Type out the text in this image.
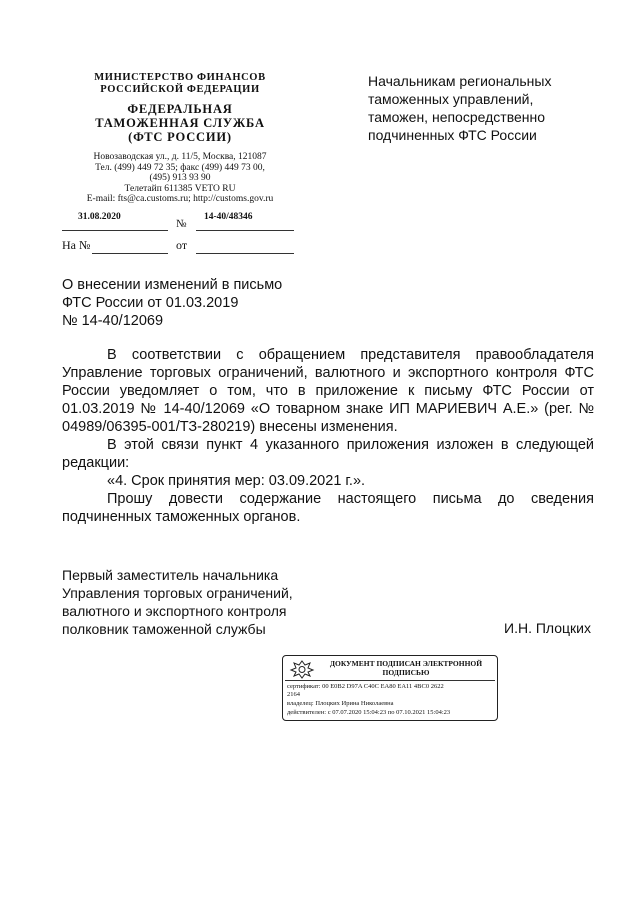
МИНИСТЕРСТВО ФИНАНСОВ
РОССИЙСКОЙ ФЕДЕРАЦИИ
ФЕДЕРАЛЬНАЯ
ТАМОЖЕННАЯ СЛУЖБА
(ФТС РОССИИ)
Новозаводская ул., д. 11/5, Москва, 121087
Тел. (499) 449 72 35; факс (499) 449 73 00,
(495) 913 93 90
Телетайп 611385 VETO RU
E-mail: fts@ca.customs.ru; http://customs.gov.ru
31.08.2020
№
14-40/48346
На №	от
Начальникам региональных
таможенных управлений,
таможен, непосредственно
подчиненных ФТС России
О внесении изменений в письмо
ФТС России от 01.03.2019
№ 14-40/12069

В соответствии с обращением представителя правообладателя Управление торговых ограничений, валютного и экспортного контроля ФТС России уведомляет о том, что в приложение к письму ФТС России от 01.03.2019 № 14-40/12069 «О товарном знаке ИП МАРИЕВИЧ А.Е.» (рег. № 04989/06395-001/ТЗ-280219) внесены изменения.

В этой связи пункт 4 указанного приложения изложен в следующей редакции:

«4. Срок принятия мер: 03.09.2021 г.».

Прошу довести содержание настоящего письма до сведения подчиненных таможенных органов.

Первый заместитель начальника
Управления торговых ограничений,
валютного и экспортного контроля
полковник таможенной службы	И.Н. Плоцких
ДОКУМЕНТ ПОДПИСАН ЭЛЕКТРОННОЙ
ПОДПИСЬЮ
сертификат: 00 E0B2 D97A C40C EA80 EA11 4BC0 2622
2164
владелец: Плоцких Ирина Николаевна
действителен: с 07.07.2020 15:04:23 по 07.10.2021 15:04:23
